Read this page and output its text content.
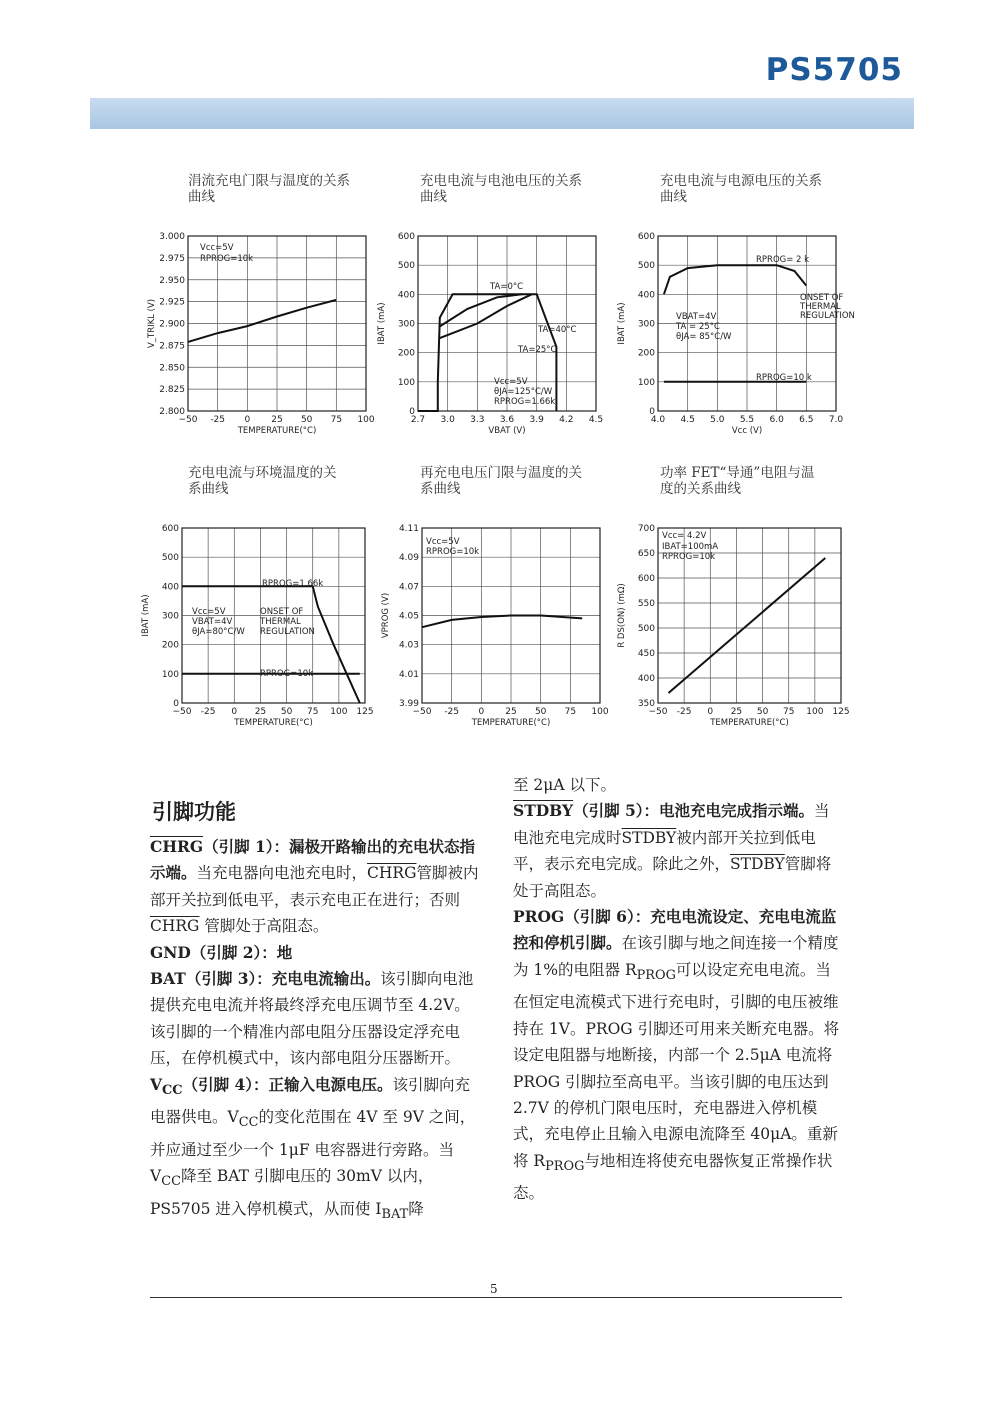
PS5705
涓流充电门限与温度的关系
曲线
充电电流与电池电压的关系
曲线
充电电流与电源电压的关系
曲线
充电电流与环境温度的关
系曲线
再充电电压门限与温度的关
系曲线
功率 FET“导通”电阻与温
度的关系曲线
−50 -25 0 25 50 75 100
2.800
2.825
2.850
2.875
2.900
2.925
2.950
2.975
3.000
TEMPERATURE(°C)
V_TRIKL (V)
Vcc=5V
RPROG=10k
2.7 3.0 3.3 3.6 3.9 4.2 4.5
0
100
200
300
400
500
600
VBAT (V)
IBAT (mA)
TA=0°C
TA=40°C
TA=25°C
Vcc=5V
θJA=125°C/W
RPROG=1.66k
4.0 4.5 5.0 5.5 6.0 6.5 7.0
0
100
200
300
400
500
600
Vcc (V)
IBAT (mA)
RPROG= 2 k
ONSET OF
THERMAL
REGULATION
VBAT=4V
TA = 25°C
θJA= 85°C/W
RPROG=10 k
−50 -25 0 25 50 75 100 125
0
100
200
300
400
500
600
TEMPERATURE(°C)
IBAT (mA)
RPROG=1.66k
Vcc=5V
VBAT=4V
θJA=80°C/W
ONSET OF
THERMAL
REGULATION
RPROG=10k
−50 -25 0 25 50 75 100
3.99
4.01
4.03
4.05
4.07
4.09
4.11
TEMPERATURE(°C)
VPROG (V)
Vcc=5V
RPROG=10k
−50 -25 0 25 50 75 100 125
350
400
450
500
550
600
650
700
TEMPERATURE(°C)
R DS(ON) (mΩ)
Vcc= 4.2V
IBAT=100mA
RPROG=10k
引脚功能

CHRG（引脚 1）：漏极开路输出的充电状态指示端。当充电器向电池充电时，CHRG管脚被内部开关拉到低电平，表示充电正在进行；否则CHRG 管脚处于高阻态。

GND（引脚 2）：地

BAT（引脚 3）：充电电流输出。该引脚向电池提供充电电流并将最终浮充电压调节至 4.2V。该引脚的一个精准内部电阻分压器设定浮充电压，在停机模式中，该内部电阻分压器断开。

$V_{CC}$（引脚 4）：正输入电源电压。该引脚向充电器供电。$V_{CC}$的变化范围在 4V 至 9V 之间，并应通过至少一个 1μF 电容器进行旁路。当 $V_{CC}$降至 BAT 引脚电压的 30mV 以内，PS5705 进入停机模式，从而使 $I_{BAT}$降

至 2μA 以下。

STDBY（引脚 5）：电池充电完成指示端。当电池充电完成时STDBY被内部开关拉到低电平，表示充电完成。除此之外，STDBY管脚将处于高阻态。

PROG（引脚 6）：充电电流设定、充电电流监控和停机引脚。在该引脚与地之间连接一个精度为 1%的电阻器 $R_{PROG}$可以设定充电电流。当在恒定电流模式下进行充电时，引脚的电压被维持在 1V。PROG 引脚还可用来关断充电器。将设定电阻器与地断接，内部一个 2.5μA 电流将 PROG 引脚拉至高电平。当该引脚的电压达到 2.7V 的停机门限电压时，充电器进入停机模式，充电停止且输入电源电流降至 40μA。重新将 $R_{PROG}$与地相连将使充电器恢复正常操作状态。

5
